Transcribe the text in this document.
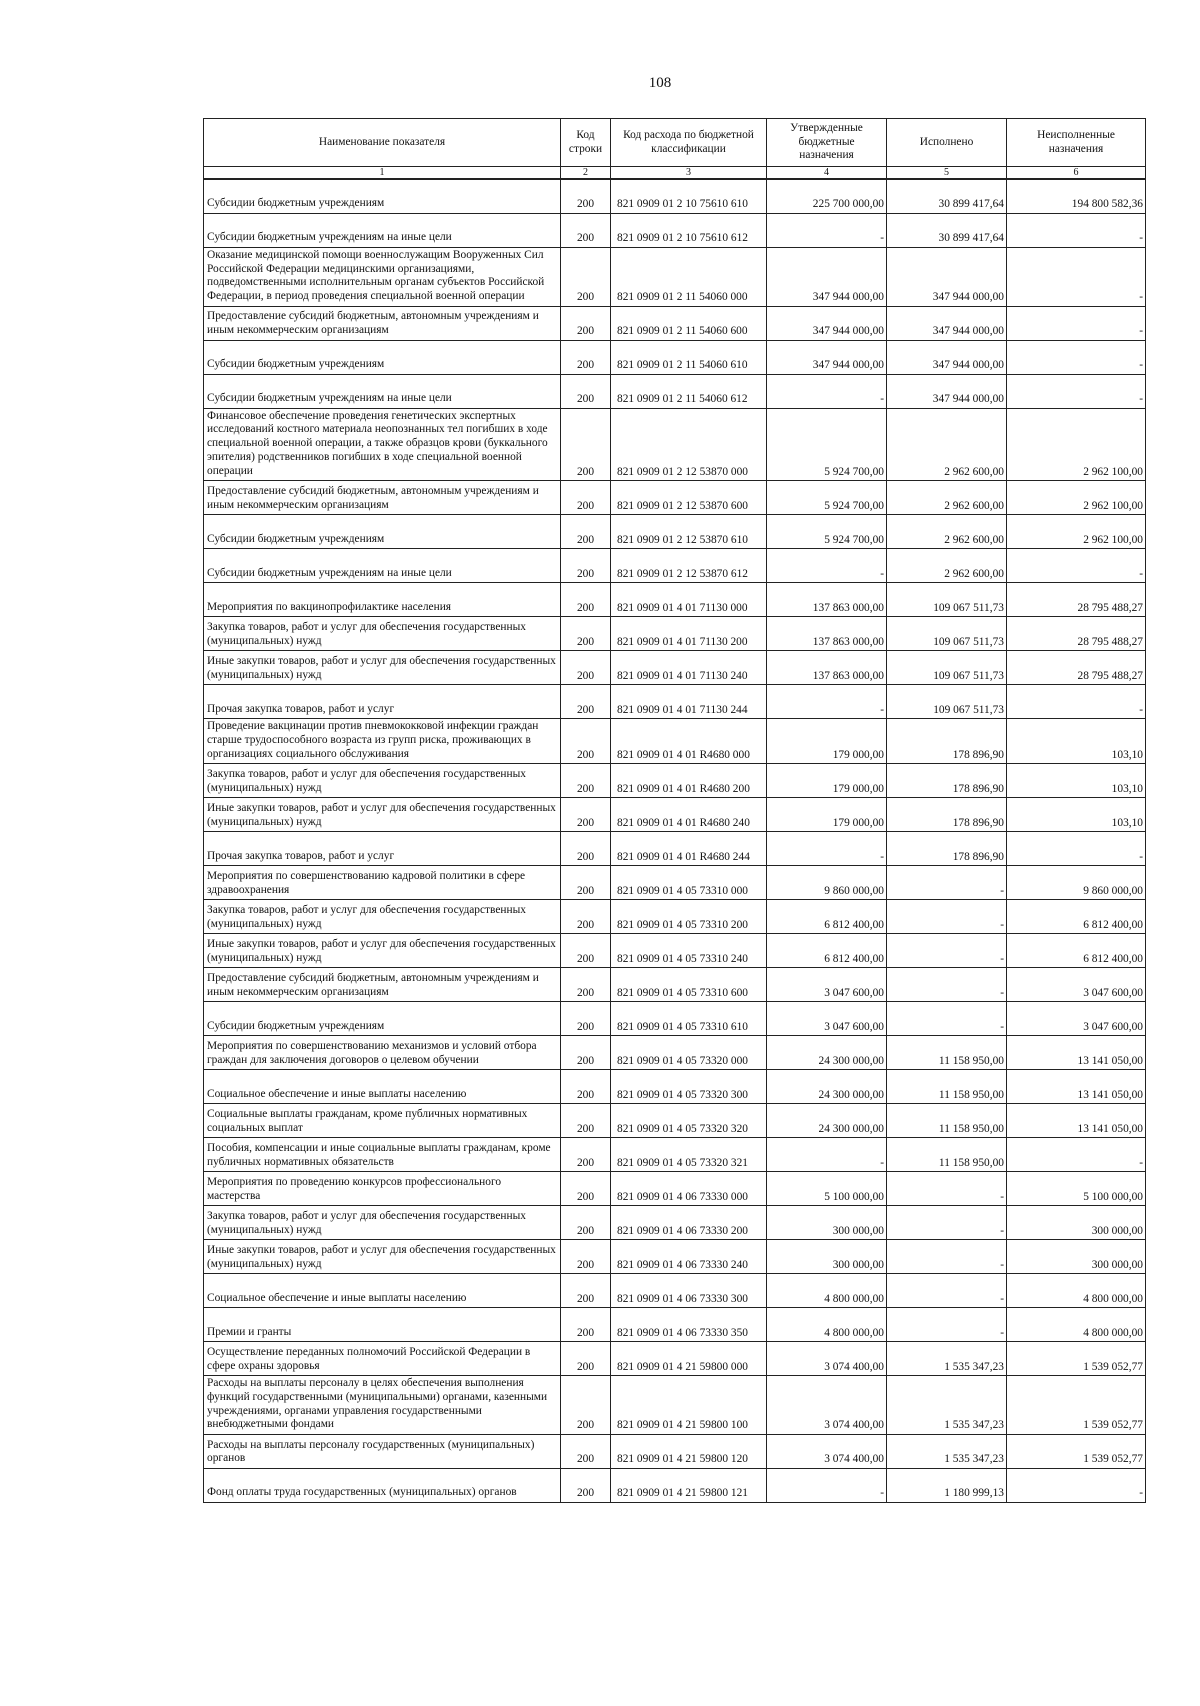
108
Наименование показателя	Код строки	Код расхода по бюджетной классификации	Утвержденные бюджетные назначения	Исполнено	Неисполненные назначения
1	2	3	4	5	6
Субсидии бюджетным учреждениям	200	821 0909 01 2 10 75610 610	225 700 000,00	30 899 417,64	194 800 582,36
Субсидии бюджетным учреждениям на иные цели	200	821 0909 01 2 10 75610 612	-	30 899 417,64	-
Оказание медицинской помощи военнослужащим Вооруженных Сил Российской Федерации медицинскими организациями, подведомственными исполнительным органам субъектов Российской Федерации, в период проведения специальной военной операции	200	821 0909 01 2 11 54060 000	347 944 000,00	347 944 000,00	-
Предоставление субсидий бюджетным, автономным учреждениям и иным некоммерческим организациям	200	821 0909 01 2 11 54060 600	347 944 000,00	347 944 000,00	-
Субсидии бюджетным учреждениям	200	821 0909 01 2 11 54060 610	347 944 000,00	347 944 000,00	-
Субсидии бюджетным учреждениям на иные цели	200	821 0909 01 2 11 54060 612	-	347 944 000,00	-
Финансовое обеспечение проведения генетических экспертных исследований костного материала неопознанных тел погибших в ходе специальной военной операции, а также образцов крови (буккального эпителия) родственников погибших в ходе специальной военной операции	200	821 0909 01 2 12 53870 000	5 924 700,00	2 962 600,00	2 962 100,00
Предоставление субсидий бюджетным, автономным учреждениям и иным некоммерческим организациям	200	821 0909 01 2 12 53870 600	5 924 700,00	2 962 600,00	2 962 100,00
Субсидии бюджетным учреждениям	200	821 0909 01 2 12 53870 610	5 924 700,00	2 962 600,00	2 962 100,00
Субсидии бюджетным учреждениям на иные цели	200	821 0909 01 2 12 53870 612	-	2 962 600,00	-
Мероприятия по вакцинопрофилактике населения	200	821 0909 01 4 01 71130 000	137 863 000,00	109 067 511,73	28 795 488,27
Закупка товаров, работ и услуг для обеспечения государственных (муниципальных) нужд	200	821 0909 01 4 01 71130 200	137 863 000,00	109 067 511,73	28 795 488,27
Иные закупки товаров, работ и услуг для обеспечения государственных (муниципальных) нужд	200	821 0909 01 4 01 71130 240	137 863 000,00	109 067 511,73	28 795 488,27
Прочая закупка товаров, работ и услуг	200	821 0909 01 4 01 71130 244	-	109 067 511,73	-
Проведение вакцинации против пневмококковой инфекции граждан старше трудоспособного возраста из групп риска, проживающих в организациях социального обслуживания	200	821 0909 01 4 01 R4680 000	179 000,00	178 896,90	103,10
Закупка товаров, работ и услуг для обеспечения государственных (муниципальных) нужд	200	821 0909 01 4 01 R4680 200	179 000,00	178 896,90	103,10
Иные закупки товаров, работ и услуг для обеспечения государственных (муниципальных) нужд	200	821 0909 01 4 01 R4680 240	179 000,00	178 896,90	103,10
Прочая закупка товаров, работ и услуг	200	821 0909 01 4 01 R4680 244	-	178 896,90	-
Мероприятия по совершенствованию кадровой политики в сфере здравоохранения	200	821 0909 01 4 05 73310 000	9 860 000,00	-	9 860 000,00
Закупка товаров, работ и услуг для обеспечения государственных (муниципальных) нужд	200	821 0909 01 4 05 73310 200	6 812 400,00	-	6 812 400,00
Иные закупки товаров, работ и услуг для обеспечения государственных (муниципальных) нужд	200	821 0909 01 4 05 73310 240	6 812 400,00	-	6 812 400,00
Предоставление субсидий бюджетным, автономным учреждениям и иным некоммерческим организациям	200	821 0909 01 4 05 73310 600	3 047 600,00	-	3 047 600,00
Субсидии бюджетным учреждениям	200	821 0909 01 4 05 73310 610	3 047 600,00	-	3 047 600,00
Мероприятия по совершенствованию механизмов и условий отбора граждан для заключения договоров о целевом обучении	200	821 0909 01 4 05 73320 000	24 300 000,00	11 158 950,00	13 141 050,00
Социальное обеспечение и иные выплаты населению	200	821 0909 01 4 05 73320 300	24 300 000,00	11 158 950,00	13 141 050,00
Социальные выплаты гражданам, кроме публичных нормативных социальных выплат	200	821 0909 01 4 05 73320 320	24 300 000,00	11 158 950,00	13 141 050,00
Пособия, компенсации и иные социальные выплаты гражданам, кроме публичных нормативных обязательств	200	821 0909 01 4 05 73320 321	-	11 158 950,00	-
Мероприятия по проведению конкурсов профессионального мастерства	200	821 0909 01 4 06 73330 000	5 100 000,00	-	5 100 000,00
Закупка товаров, работ и услуг для обеспечения государственных (муниципальных) нужд	200	821 0909 01 4 06 73330 200	300 000,00	-	300 000,00
Иные закупки товаров, работ и услуг для обеспечения государственных (муниципальных) нужд	200	821 0909 01 4 06 73330 240	300 000,00	-	300 000,00
Социальное обеспечение и иные выплаты населению	200	821 0909 01 4 06 73330 300	4 800 000,00	-	4 800 000,00
Премии и гранты	200	821 0909 01 4 06 73330 350	4 800 000,00	-	4 800 000,00
Осуществление переданных полномочий Российской Федерации в сфере охраны здоровья	200	821 0909 01 4 21 59800 000	3 074 400,00	1 535 347,23	1 539 052,77
Расходы на выплаты персоналу в целях обеспечения выполнения функций государственными (муниципальными) органами, казенными учреждениями, органами управления государственными внебюджетными фондами	200	821 0909 01 4 21 59800 100	3 074 400,00	1 535 347,23	1 539 052,77
Расходы на выплаты персоналу государственных (муниципальных) органов	200	821 0909 01 4 21 59800 120	3 074 400,00	1 535 347,23	1 539 052,77
Фонд оплаты труда государственных (муниципальных) органов	200	821 0909 01 4 21 59800 121	-	1 180 999,13	-
